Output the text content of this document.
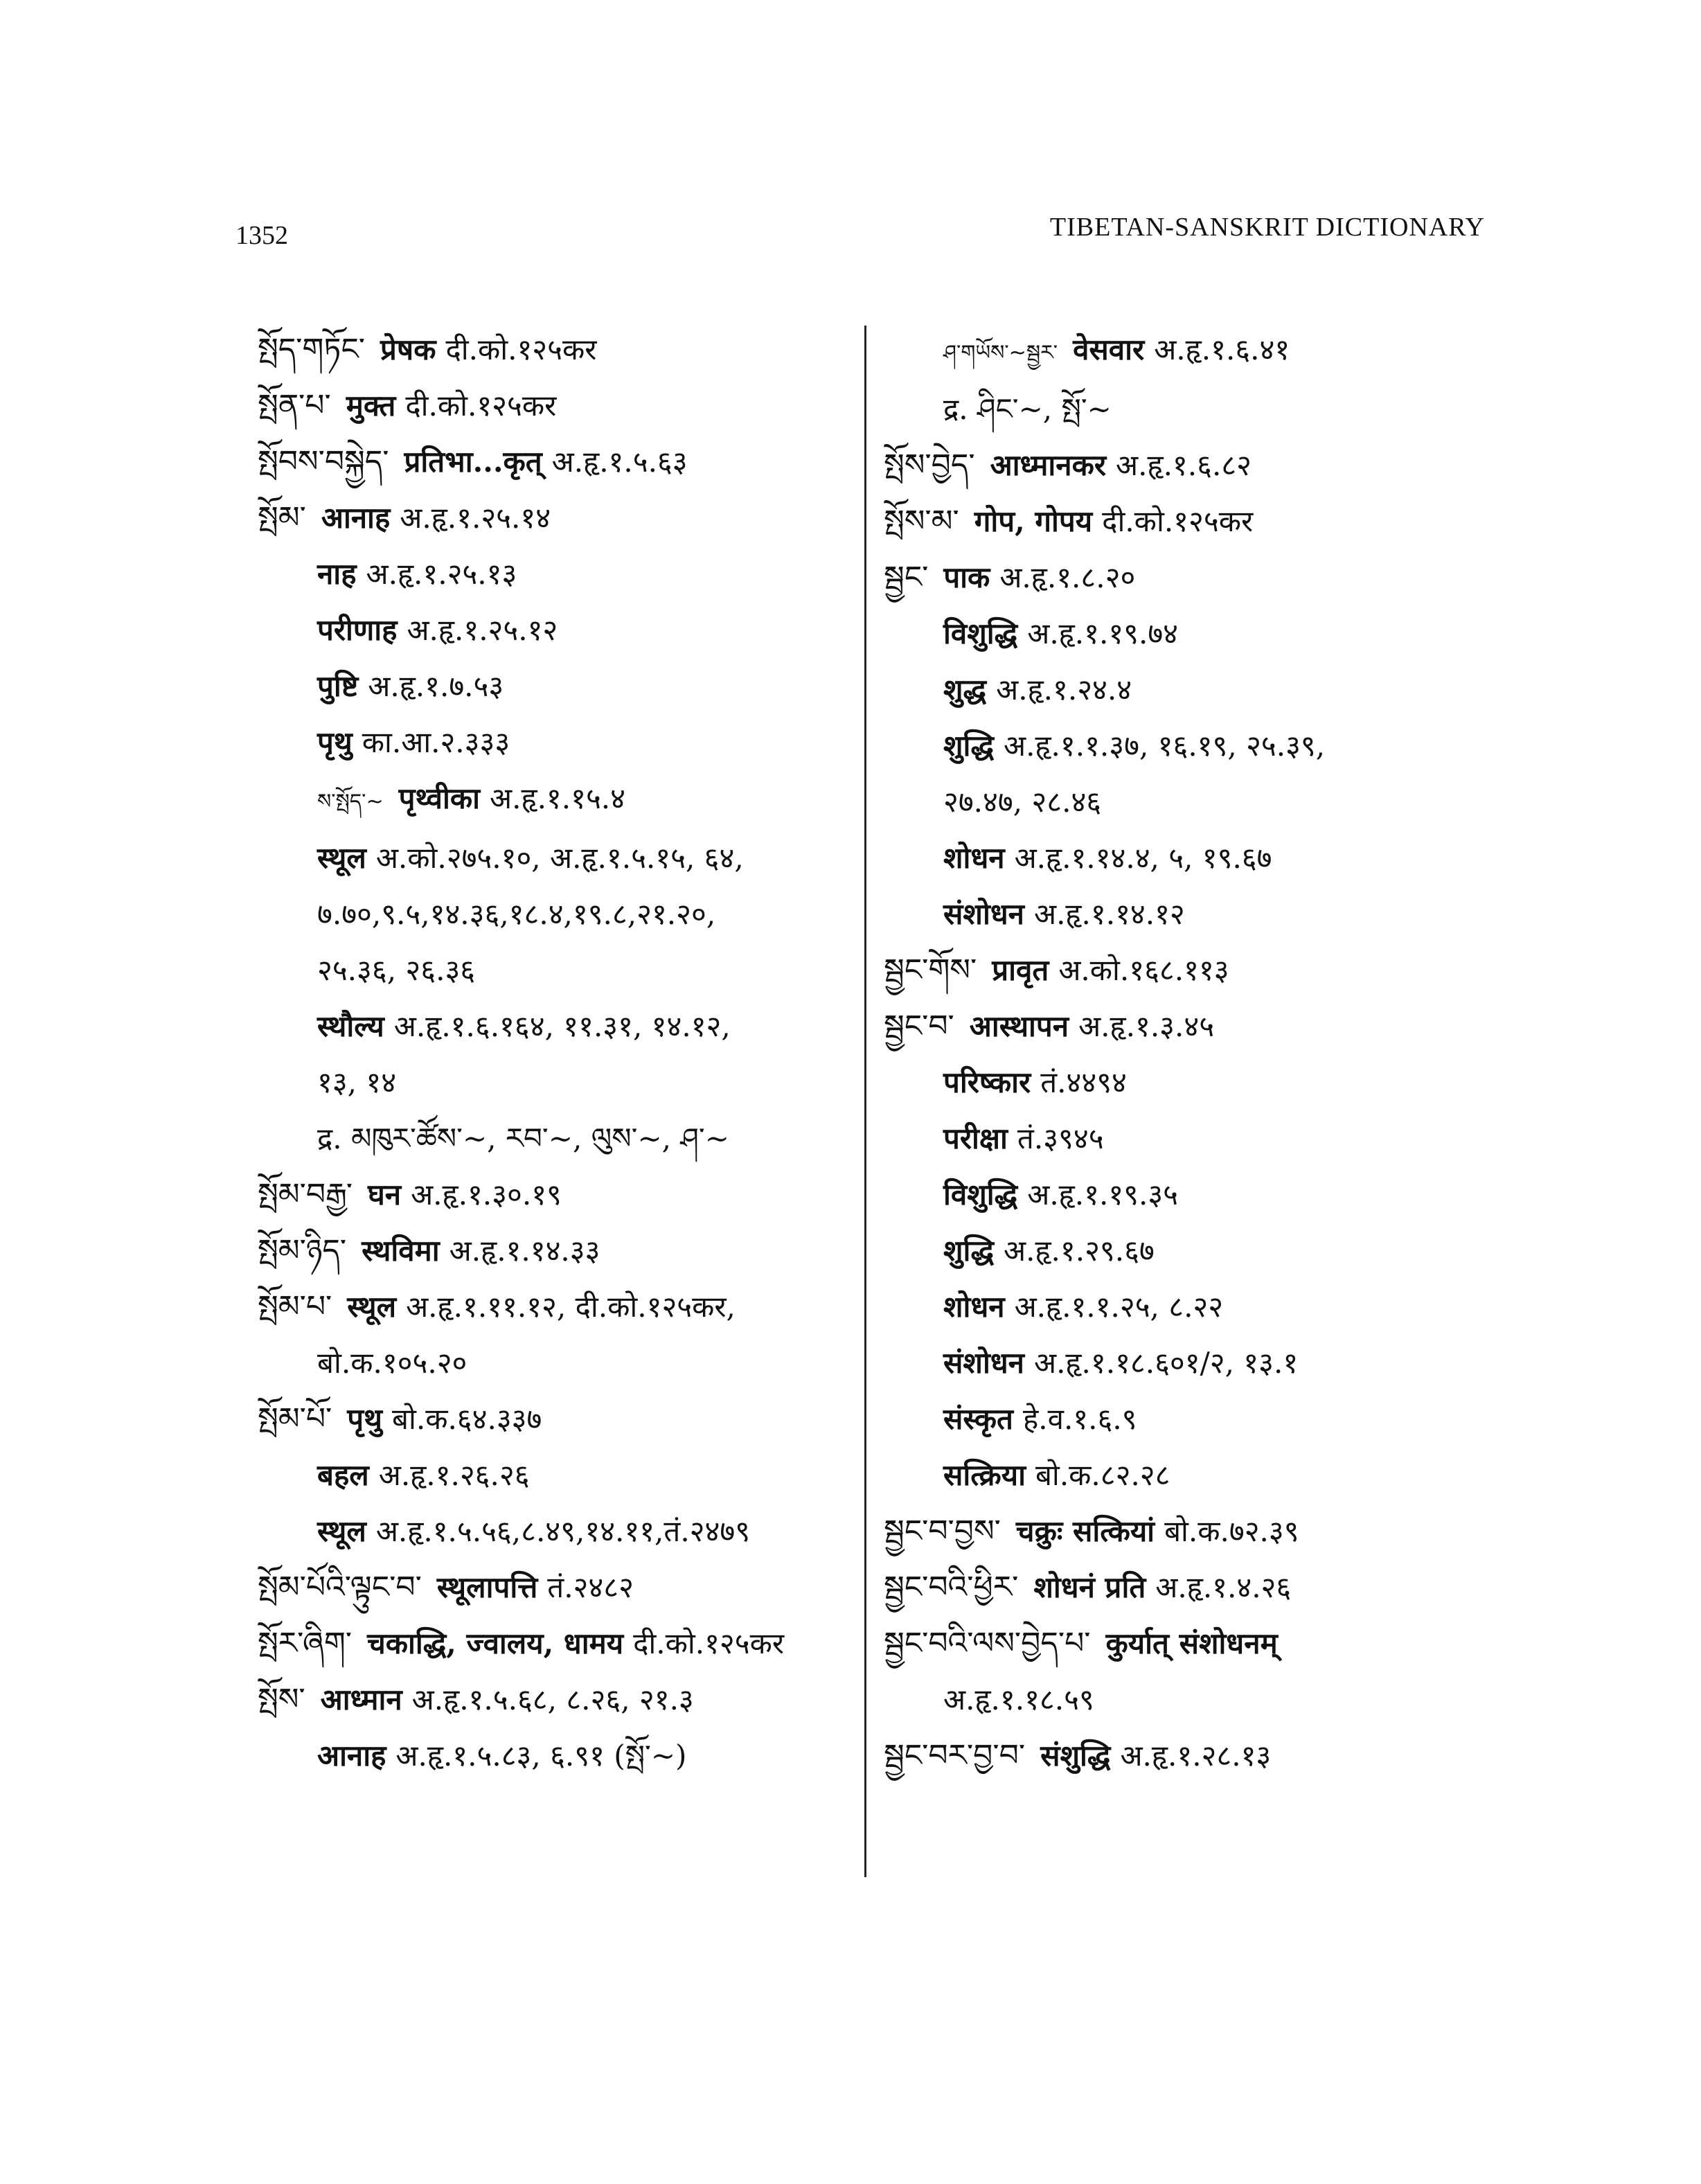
1352	TIBETAN-SANSKRIT DICTIONARY
སྤོད་གཏོང་ प्रेषक दी.को.१२५कर
སྤོན་པ་ मुक्त दी.को.१२५कर
སྤོབས་བསྐྱེད་ प्रतिभा...कृत् अ.हृ.१.५.६३
སྤོམ་ आनाह अ.हृ.१.२५.१४
नाह अ.हृ.१.२५.१३
परीणाह अ.हृ.१.२५.१२
पुष्टि अ.हृ.१.७.५३
पृथु का.आ.२.३३३
ས་སྤོད་~ पृथ्वीका अ.हृ.१.१५.४
स्थूल अ.को.२७५.१०, अ.हृ.१.५.१५, ६४,
७.७०,९.५,१४.३६,१८.४,१९.८,२१.२०,
२५.३६, २६.३६
स्थौल्य अ.हृ.१.६.१६४, ११.३१, १४.१२,
१३, १४
द्र. མཁུར་ཚོས་~, རབ་~, ལུས་~, ཤ་~
སྤོམ་བརྒྱ་ घन अ.हृ.१.३०.१९
སྤོམ་ཉིད་ स्थविमा अ.हृ.१.१४.३३
སྤོམ་པ་ स्थूल अ.हृ.१.११.१२, दी.को.१२५कर,
बो.क.१०५.२०
སྤོམ་པོ་ पृथु बो.क.६४.३३७
बहल अ.हृ.१.२६.२६
स्थूल अ.हृ.१.५.५६,८.४९,१४.११,तं.२४७९
སྤོམ་པོའི་ལྟུང་བ་ स्थूलापत्ति तं.२४८२
སྤོར་ཞིག་ चकाद्धि, ज्वालय, धामय दी.को.१२५कर
སྤོས་ आध्मान अ.हृ.१.५.६८, ८.२६, २१.३
आनाह अ.हृ.१.५.८३, ६.९१ (སྤོ་~)
ཤ་གཡོས་~སྦྱར་ वेसवार अ.हृ.१.६.४१
द्र. ཤིང་~, སྤོ་~
སྤོས་བྱེད་ आध्मानकर अ.हृ.१.६.८२
སྤོས་མ་ गोप, गोपय दी.को.१२५कर
སྦྱང་ पाक अ.हृ.१.८.२०
विशुद्धि अ.हृ.१.१९.७४
शुद्ध अ.हृ.१.२४.४
शुद्धि अ.हृ.१.१.३७, १६.१९, २५.३९,
२७.४७, २८.४६
शोधन अ.हृ.१.१४.४, ५, १९.६७
संशोधन अ.हृ.१.१४.१२
སྦྱང་གོས་ प्रावृत अ.को.१६८.११३
སྦྱང་བ་ आस्थापन अ.हृ.१.३.४५
परिष्कार तं.४४९४
परीक्षा तं.३९४५
विशुद्धि अ.हृ.१.१९.३५
शुद्धि अ.हृ.१.२९.६७
शोधन अ.हृ.१.१.२५, ८.२२
संशोधन अ.हृ.१.१८.६०१/२, १३.१
संस्कृत हे.व.१.६.९
सत्क्रिया बो.क.८२.२८
སྦྱང་བ་བྱས་ चक्रुः सत्कियां बो.क.७२.३९
སྦྱང་བའི་ཕྱིར་ शोधनं प्रति अ.हृ.१.४.२६
སྦྱང་བའི་ལས་བྱེད་པ་ कुर्यात् संशोधनम्
अ.हृ.१.१८.५९
སྦྱང་བར་བྱ་བ་ संशुद्धि अ.हृ.१.२८.१३
